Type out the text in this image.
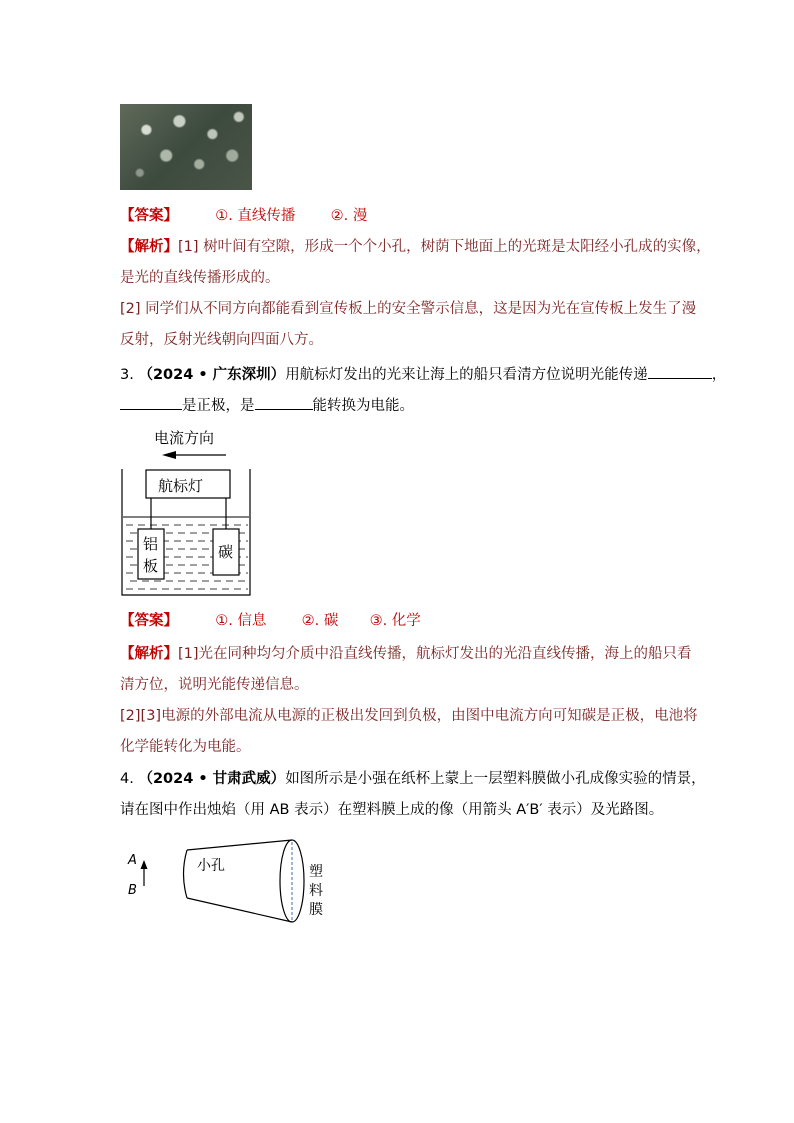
【答案】	①. 直线传播 ②. 漫
【解析】[1] 树叶间有空隙，形成一个个小孔，树荫下地面上的光斑是太阳经小孔成的实像，
是光的直线传播形成的。
[2] 同学们从不同方向都能看到宣传板上的安全警示信息，这是因为光在宣传板上发生了漫
反射，反射光线朝向四面八方。
3. （2024 • 广东深圳）用航标灯发出的光来让海上的船只看清方位说明光能传递	，
是正极，是	能转换为电能。
电流方向
航标灯
铝
板
碳
【答案】	①. 信息 ②. 碳 ③. 化学
【解析】[1]光在同种均匀介质中沿直线传播，航标灯发出的光沿直线传播，海上的船只看
清方位，说明光能传递信息。
[2][3]电源的外部电流从电源的正极出发回到负极，由图中电流方向可知碳是正极，电池将
化学能转化为电能。
4. （2024 • 甘肃武威）如图所示是小强在纸杯上蒙上一层塑料膜做小孔成像实验的情景，
请在图中作出烛焰（用 AB 表示）在塑料膜上成的像（用箭头 A′B′ 表示）及光路图。
A
B
小孔	塑
料
膜
